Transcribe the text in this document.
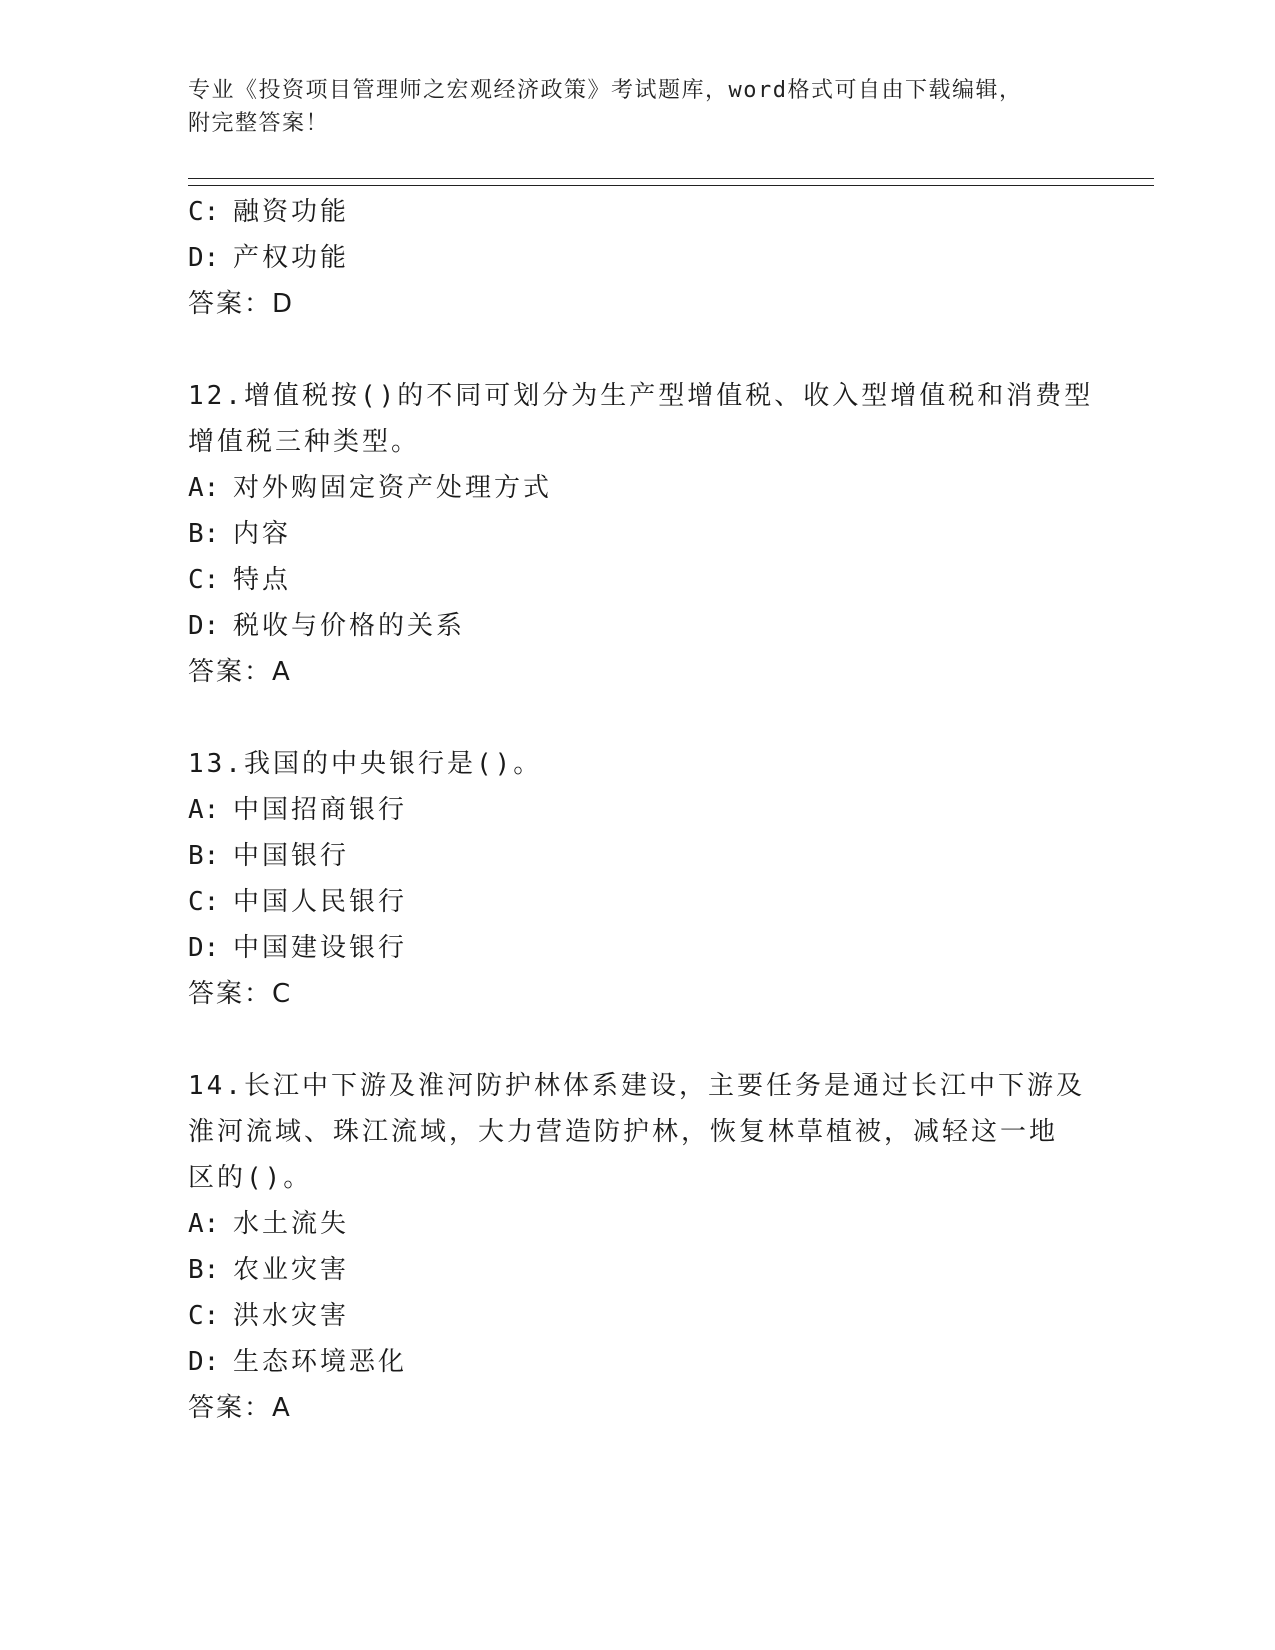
专业《投资项目管理师之宏观经济政策》考试题库，word格式可自由下载编辑，
附完整答案！
C: 融资功能
D: 产权功能
答案：D
12.增值税按()的不同可划分为生产型增值税、收入型增值税和消费型
增值税三种类型。
A: 对外购固定资产处理方式
B: 内容
C: 特点
D: 税收与价格的关系
答案：A
13.我国的中央银行是()。
A: 中国招商银行
B: 中国银行
C: 中国人民银行
D: 中国建设银行
答案：C
14.长江中下游及淮河防护林体系建设，主要任务是通过长江中下游及
淮河流域、珠江流域，大力营造防护林，恢复林草植被，减轻这一地
区的()。
A: 水土流失
B: 农业灾害
C: 洪水灾害
D: 生态环境恶化
答案：A
